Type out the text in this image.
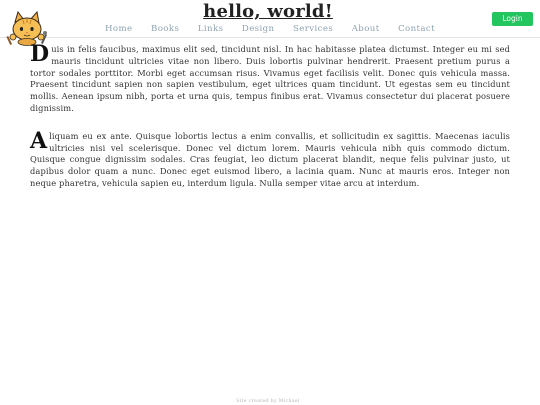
hello, world!
Home Books Links Design Services About Contact
Login

Duis in felis faucibus, maximus elit sed, tincidunt nisl. In hac habitasse platea dictumst. Integer eu mi sed mauris tincidunt ultricies vitae non libero. Duis lobortis pulvinar hendrerit. Praesent pretium purus a tortor sodales porttitor. Morbi eget accumsan risus. Vivamus eget facilisis velit. Donec quis vehicula massa. Praesent tincidunt sapien non sapien vestibulum, eget ultrices quam tincidunt. Ut egestas sem eu tincidunt mollis. Aenean ipsum nibh, porta et urna quis, tempus finibus erat. Vivamus consectetur dui placerat posuere dignissim.

Aliquam eu ex ante. Quisque lobortis lectus a enim convallis, et sollicitudin ex sagittis. Maecenas iaculis ultricies nisi vel scelerisque. Donec vel dictum lorem. Mauris vehicula nibh quis commodo dictum. Quisque congue dignissim sodales. Cras feugiat, leo dictum placerat blandit, neque felis pulvinar justo, ut dapibus dolor quam a nunc. Donec eget euismod libero, a lacinia quam. Nunc at mauris eros. Integer non neque pharetra, vehicula sapien eu, interdum ligula. Nulla semper vitae arcu at interdum.

Site created by Michael
